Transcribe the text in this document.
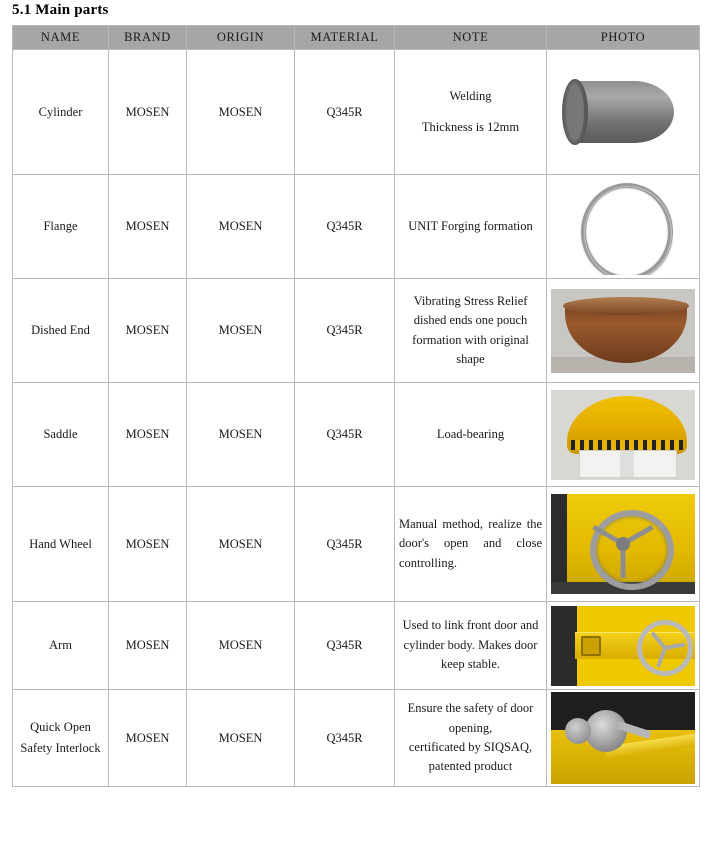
5.1 Main parts
NAME	BRAND	ORIGIN	MATERIAL	NOTE	PHOTO
Cylinder	MOSEN	MOSEN	Q345R	Welding
Thickness is 12mm	

Flange	MOSEN	MOSEN	Q345R	UNIT Forging formation	

Dished End	MOSEN	MOSEN	Q345R	Vibrating Stress Relief dished ends one pouch formation with original shape	

Saddle	MOSEN	MOSEN	Q345R	Load-bearing	

Hand Wheel	MOSEN	MOSEN	Q345R	Manual method, realize the door's open and close controlling.	

Arm	MOSEN	MOSEN	Q345R	Used to link front door and cylinder body. Makes door keep stable.	

Quick Open Safety Interlock	MOSEN	MOSEN	Q345R	Ensure the safety of door opening,
certificated by SIQSAQ,
patented product	
